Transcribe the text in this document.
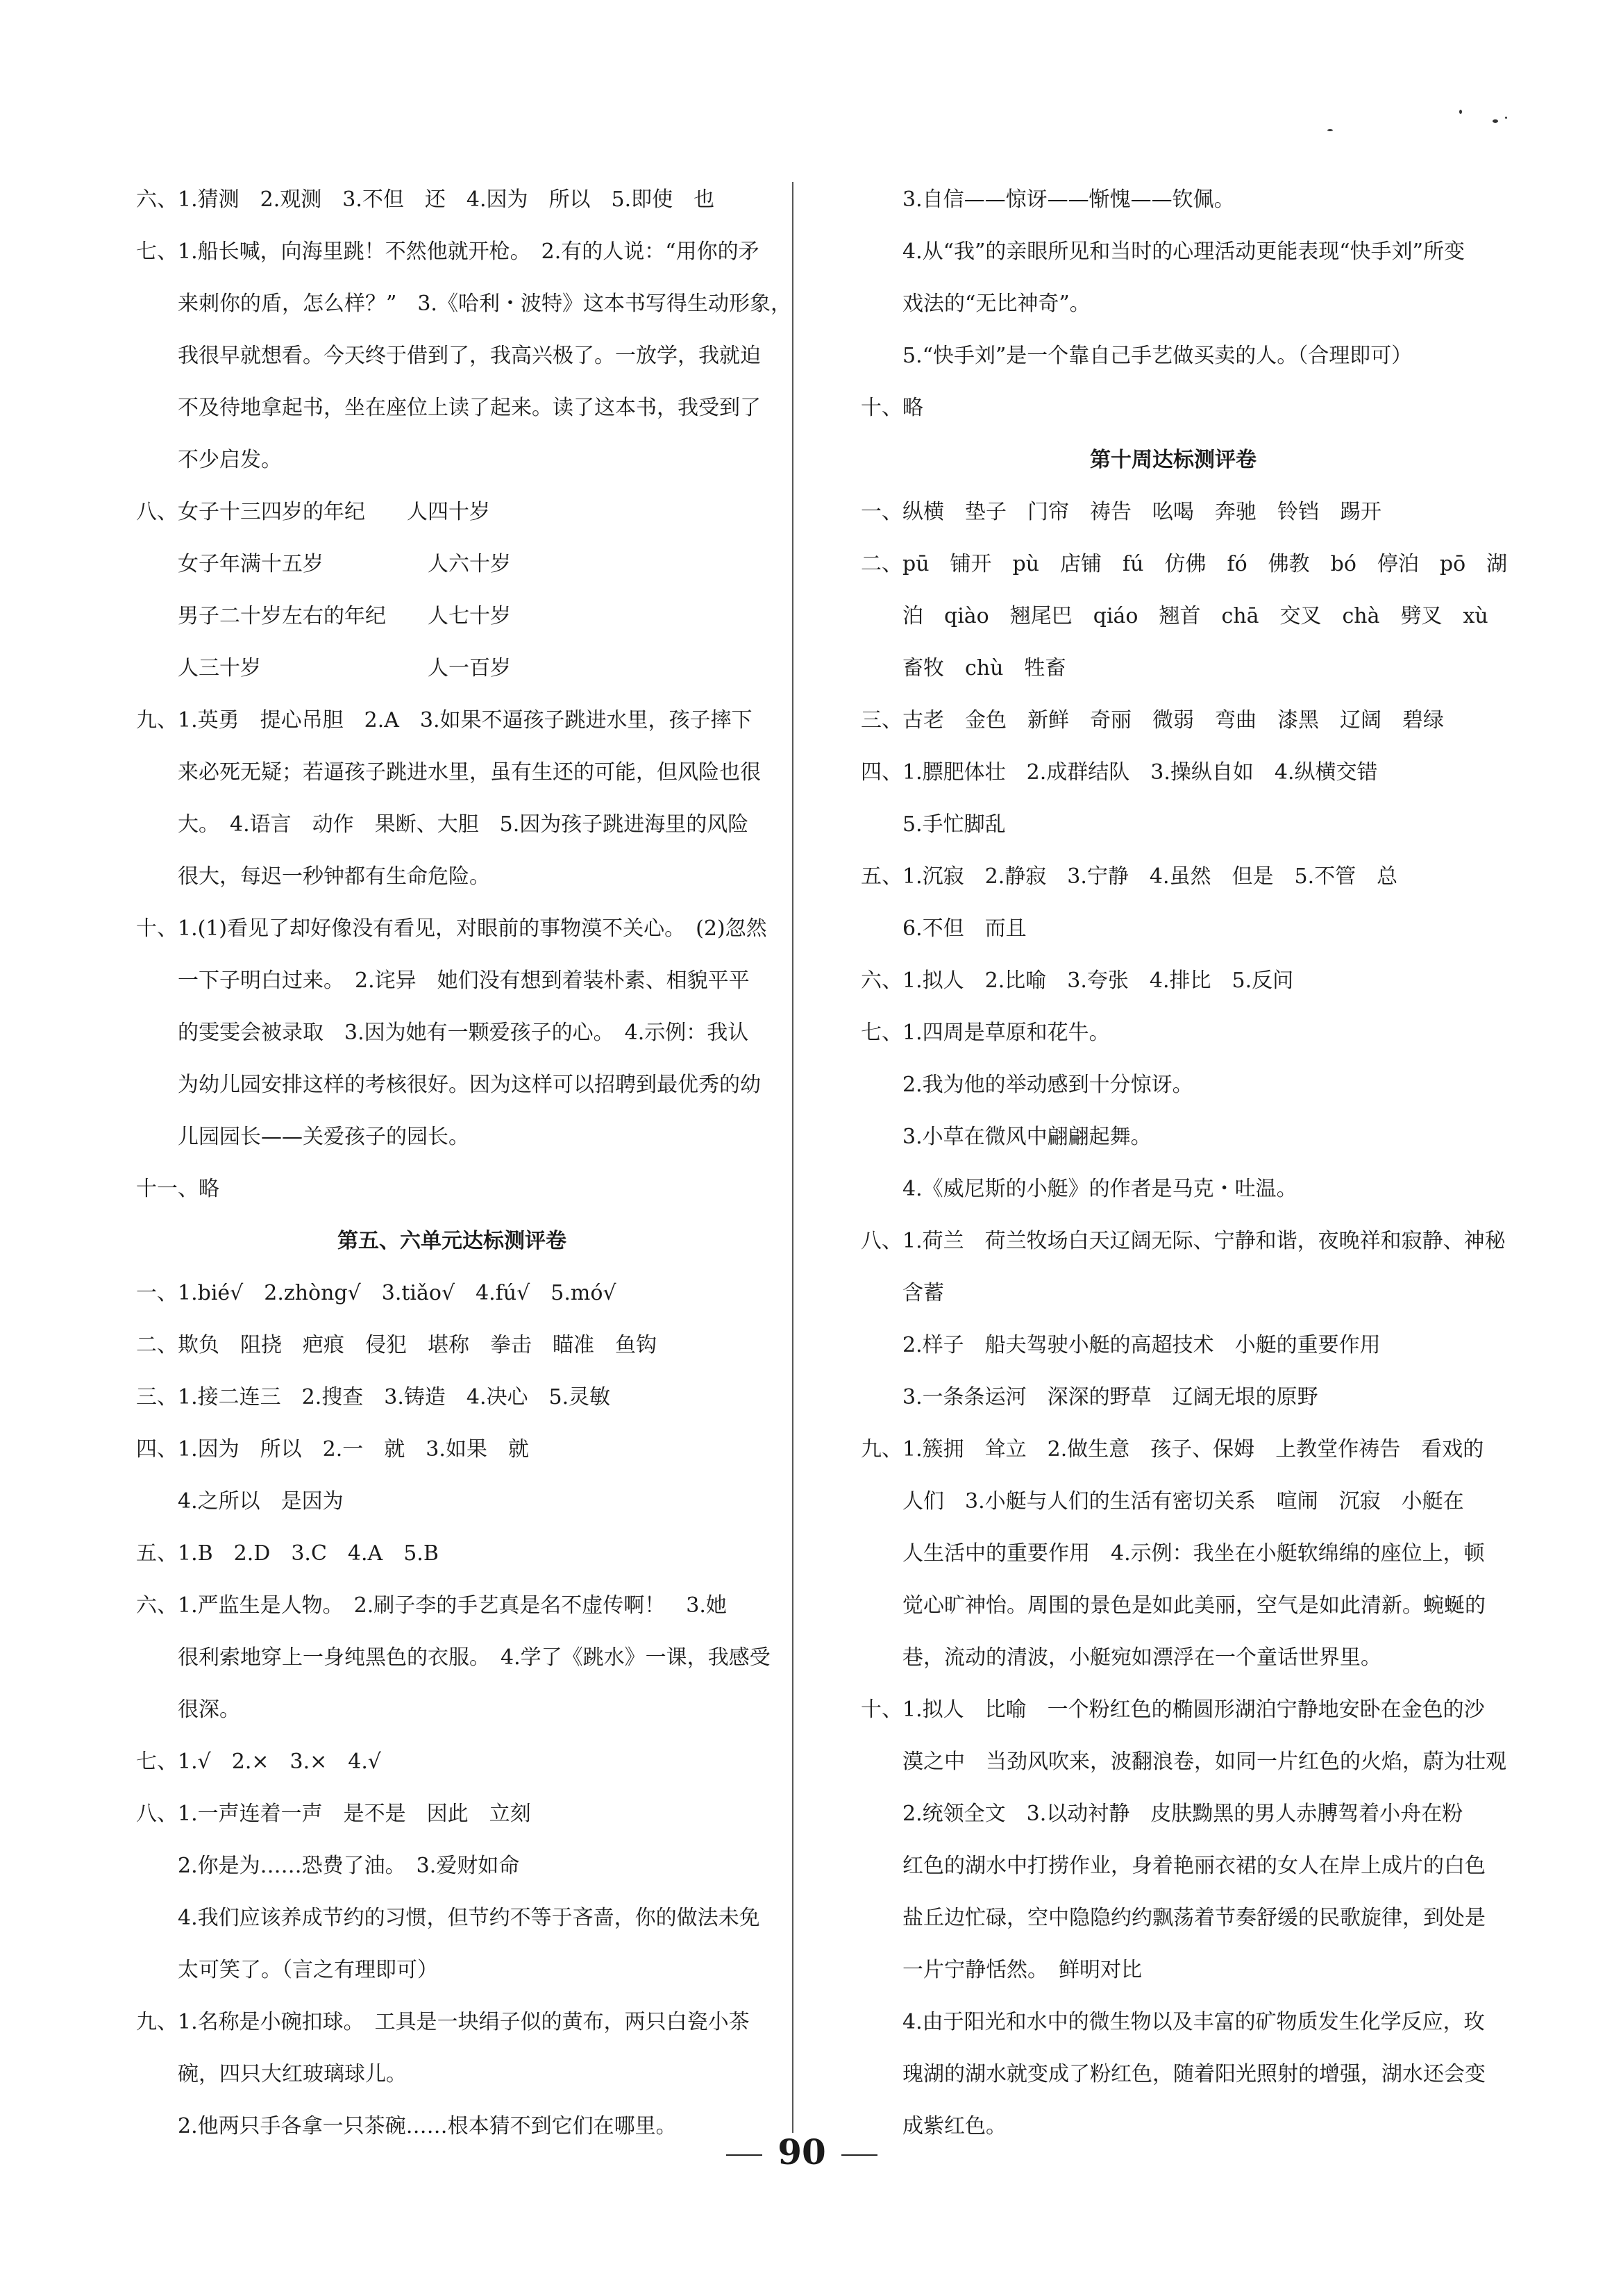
六、1.猜测　2.观测　3.不但　还　4.因为　所以　5.即使　也
七、1.船长喊，向海里跳！不然他就开枪。　2.有的人说：“用你的矛
来刺你的盾，怎么样？”　3.《哈利・波特》这本书写得生动形象，
我很早就想看。今天终于借到了，我高兴极了。一放学，我就迫
不及待地拿起书，坐在座位上读了起来。读了这本书，我受到了
不少启发。
八、女子十三四岁的年纪　　人四十岁
女子年满十五岁　　　　　人六十岁
男子二十岁左右的年纪　　人七十岁
人三十岁　　　　　　　　人一百岁
九、1.英勇　提心吊胆　2.A　3.如果不逼孩子跳进水里，孩子摔下
来必死无疑；若逼孩子跳进水里，虽有生还的可能，但风险也很
大。　4.语言　动作　果断、大胆　5.因为孩子跳进海里的风险
很大，每迟一秒钟都有生命危险。
十、1.(1)看见了却好像没有看见，对眼前的事物漠不关心。　(2)忽然
一下子明白过来。　2.诧异　她们没有想到着装朴素、相貌平平
的雯雯会被录取　3.因为她有一颗爱孩子的心。　4.示例：我认
为幼儿园安排这样的考核很好。因为这样可以招聘到最优秀的幼
儿园园长——关爱孩子的园长。
十一、略
第五、六单元达标测评卷
一、1.bié√　2.zhòng√　3.tiǎo√　4.fú√　5.mó√
二、欺负　阻挠　疤痕　侵犯　堪称　拳击　瞄准　鱼钩
三、1.接二连三　2.搜查　3.铸造　4.决心　5.灵敏
四、1.因为　所以　2.一　就　3.如果　就
4.之所以　是因为
五、1.B　2.D　3.C　4.A　5.B
六、1.严监生是人物。　2.刷子李的手艺真是名不虚传啊！　3.她
很利索地穿上一身纯黑色的衣服。　4.学了《跳水》一课，我感受
很深。
七、1.√　2.×　3.×　4.√
八、1.一声连着一声　是不是　因此　立刻
2.你是为……恐费了油。　3.爱财如命
4.我们应该养成节约的习惯，但节约不等于吝啬，你的做法未免
太可笑了。（言之有理即可）
九、1.名称是小碗扣球。　工具是一块绢子似的黄布，两只白瓷小茶
碗，四只大红玻璃球儿。
2.他两只手各拿一只茶碗……根本猜不到它们在哪里。
3.自信——惊讶——惭愧——钦佩。
4.从“我”的亲眼所见和当时的心理活动更能表现“快手刘”所变
戏法的“无比神奇”。
5.“快手刘”是一个靠自己手艺做买卖的人。（合理即可）
十、略
第十周达标测评卷
一、纵横　垫子　门帘　祷告　吆喝　奔驰　铃铛　踢开
二、pū　铺开　pù　店铺　fú　仿佛　fó　佛教　bó　停泊　pō　湖
泊　qiào　翘尾巴　qiáo　翘首　chā　交叉　chà　劈叉　xù
畜牧　chù　牲畜
三、古老　金色　新鲜　奇丽　微弱　弯曲　漆黑　辽阔　碧绿
四、1.膘肥体壮　2.成群结队　3.操纵自如　4.纵横交错
5.手忙脚乱
五、1.沉寂　2.静寂　3.宁静　4.虽然　但是　5.不管　总
6.不但　而且
六、1.拟人　2.比喻　3.夸张　4.排比　5.反问
七、1.四周是草原和花牛。
2.我为他的举动感到十分惊讶。
3.小草在微风中翩翩起舞。
4.《威尼斯的小艇》的作者是马克・吐温。
八、1.荷兰　荷兰牧场白天辽阔无际、宁静和谐，夜晚祥和寂静、神秘
含蓄
2.样子　船夫驾驶小艇的高超技术　小艇的重要作用
3.一条条运河　深深的野草　辽阔无垠的原野
九、1.簇拥　耸立　2.做生意　孩子、保姆　上教堂作祷告　看戏的
人们　3.小艇与人们的生活有密切关系　喧闹　沉寂　小艇在
人生活中的重要作用　4.示例：我坐在小艇软绵绵的座位上，顿
觉心旷神怡。周围的景色是如此美丽，空气是如此清新。蜿蜒的
巷，流动的清波，小艇宛如漂浮在一个童话世界里。
十、1.拟人　比喻　一个粉红色的椭圆形湖泊宁静地安卧在金色的沙
漠之中　当劲风吹来，波翻浪卷，如同一片红色的火焰，蔚为壮观
2.统领全文　3.以动衬静　皮肤黝黑的男人赤膊驾着小舟在粉
红色的湖水中打捞作业，身着艳丽衣裙的女人在岸上成片的白色
盐丘边忙碌，空中隐隐约约飘荡着节奏舒缓的民歌旋律，到处是
一片宁静恬然。　鲜明对比
4.由于阳光和水中的微生物以及丰富的矿物质发生化学反应，玫
瑰湖的湖水就变成了粉红色，随着阳光照射的增强，湖水还会变
成紫红色。
90
